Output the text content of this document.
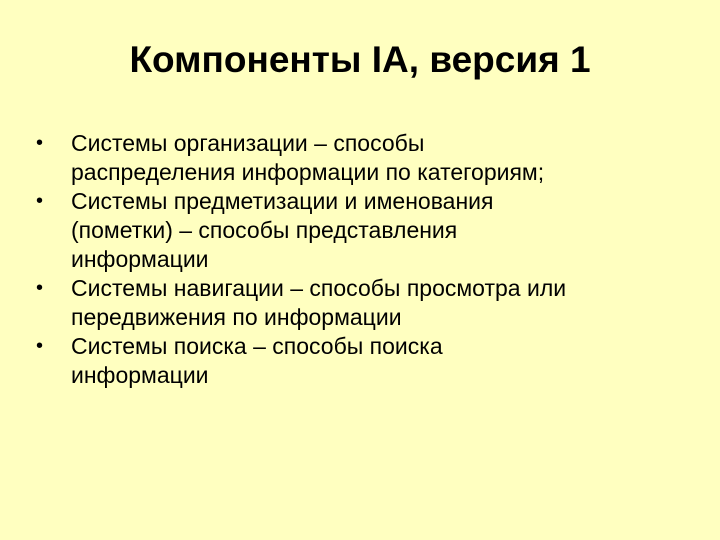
Компоненты IA, версия 1
•	Системы организации – способы
распределения информации по категориям;
•	Системы предметизации и именования
(пометки) – способы представления
информации
•	Системы навигации – способы просмотра или
передвижения по информации
•	Системы поиска – способы поиска
информации
